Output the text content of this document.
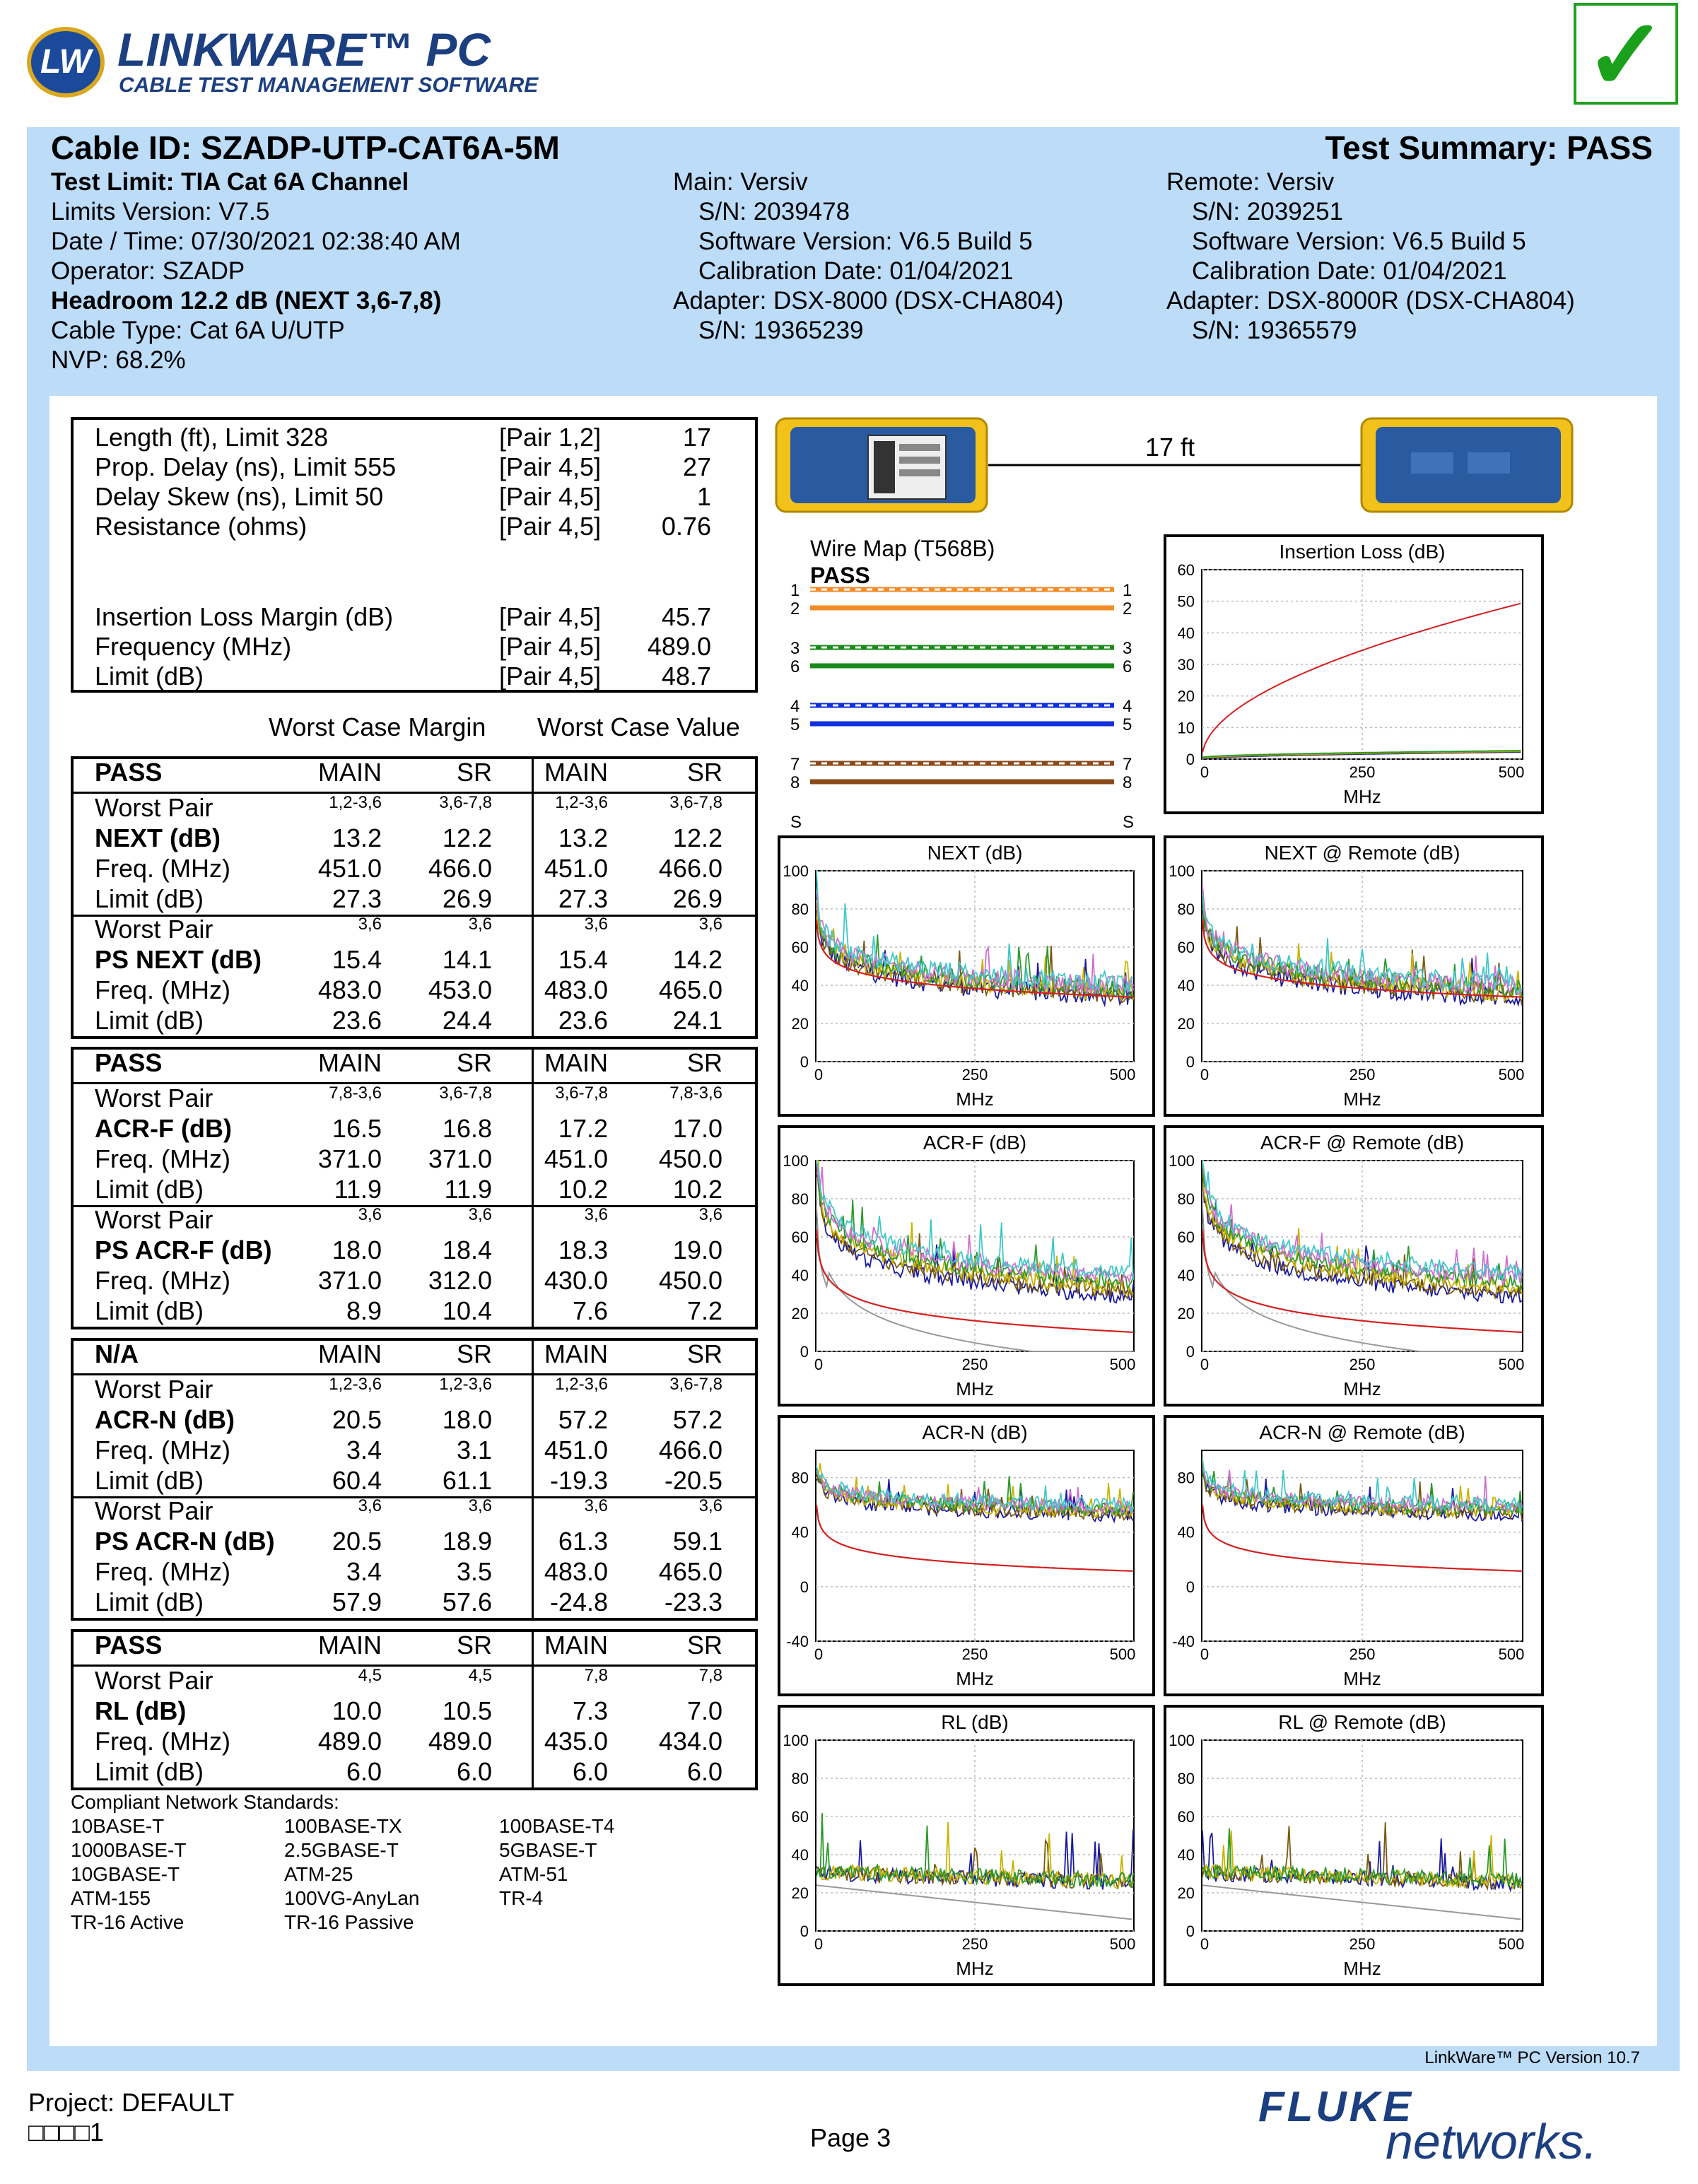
LW LINKWARE™ PC
CABLE TEST MANAGEMENT SOFTWARE	✓
Cable ID: SZADP-UTP-CAT6A-5M	Test Summary: PASS
Test Limit: TIA Cat 6A Channel
Limits Version: V7.5
Date / Time: 07/30/2021 02:38:40 AM
Operator: SZADP
Headroom 12.2 dB (NEXT 3,6-7,8)
Cable Type: Cat 6A U/UTP
NVP: 68.2%
Main: Versiv
S/N: 2039478
Software Version: V6.5 Build 5
Calibration Date: 01/04/2021
Adapter: DSX-8000 (DSX-CHA804)
S/N: 19365239
Remote: Versiv
S/N: 2039251
Software Version: V6.5 Build 5
Calibration Date: 01/04/2021
Adapter: DSX-8000R (DSX-CHA804)
S/N: 19365579
Length (ft), Limit 328	[Pair 1,2]	17
Prop. Delay (ns), Limit 555	[Pair 4,5]	27
Delay Skew (ns), Limit 50	[Pair 4,5]	1
Resistance (ohms)	[Pair 4,5] 0.76
Insertion Loss Margin (dB)	[Pair 4,5] 45.7
Frequency (MHz)	[Pair 4,5] 489.0
Limit (dB)	[Pair 4,5] 48.7
Worst Case Margin Worst Case Value
PASS	MAIN	SR MAIN	SR
Worst Pair	1,2-3,6	3,6-7,8	1,2-3,6	3,6-7,8
NEXT (dB)	13.2 12.2	13.2	12.2
Freq. (MHz)	451.0 466.0 451.0 466.0
Limit (dB)	27.3 26.9	27.3	26.9
Worst Pair	3,6	3,6	3,6	3,6
PS NEXT (dB)	15.4 14.1	15.4	14.2
Freq. (MHz)	483.0 453.0 483.0 465.0
Limit (dB)	23.6 24.4	23.6	24.1
PASS	MAIN	SR MAIN	SR
Worst Pair	7,8-3,6	3,6-7,8	3,6-7,8	7,8-3,6
ACR-F (dB)	16.5 16.8	17.2	17.0
Freq. (MHz)	371.0 371.0 451.0 450.0
Limit (dB)	11.9 11.9	10.2	10.2
Worst Pair	3,6	3,6	3,6	3,6
PS ACR-F (dB) 18.0 18.4	18.3	19.0
Freq. (MHz)	371.0 312.0 430.0 450.0
Limit (dB)	8.9 10.4	7.6	7.2
N/A	MAIN	SR MAIN	SR
Worst Pair	1,2-3,6	1,2-3,6	1,2-3,6	3,6-7,8
ACR-N (dB)	20.5 18.0	57.2	57.2
Freq. (MHz)	3.4	3.1 451.0 466.0
Limit (dB)	60.4 61.1 -19.3 -20.5
Worst Pair	3,6	3,6	3,6	3,6
PS ACR-N (dB) 20.5 18.9	61.3	59.1
Freq. (MHz)	3.4	3.5 483.0 465.0
Limit (dB)	57.9 57.6 -24.8 -23.3
PASS	MAIN	SR MAIN	SR
Worst Pair	4,5	4,5	7,8	7,8
RL (dB)	10.0 10.5	7.3	7.0
Freq. (MHz)	489.0 489.0 435.0 434.0
Limit (dB)	6.0	6.0	6.0	6.0
Compliant Network Standards:
10BASE-T	100BASE-TX	100BASE-T4
1000BASE-T	2.5GBASE-T	5GBASE-T
10GBASE-T	ATM-25	ATM-51
ATM-155	100VG-AnyLan	TR-4
TR-16 Active	TR-16 Passive
17 ft
Wire Map (T568B)
PASS
1	1
2	2
3	3
6	6
4	4
5	5
7	7
8	8
S	S
Insertion Loss (dB)
0
10
20
30
40
50
60
0	250	500
MHz
NEXT (dB)
0
20
40
60
80
100
0	250	500
MHz
NEXT @ Remote (dB)
0
20
40
60
80
100
0	250	500
MHz
ACR-F (dB)
0
20
40
60
80
100
0	250	500
MHz
ACR-F @ Remote (dB)
0
20
40
60
80
100
0	250	500
MHz
ACR-N (dB)
-40
0
40
80
0	250	500
MHz
ACR-N @ Remote (dB)
-40
0
40
80
0	250	500
MHz
RL (dB)
0
20
40
60
80
100
0	250	500
MHz
RL @ Remote (dB)
0
20
40
60
80
100
0	250	500
MHz
LinkWare™ PC Version 10.7
Project: DEFAULT
□□□□1	Page 3
FLUKE
networks.
